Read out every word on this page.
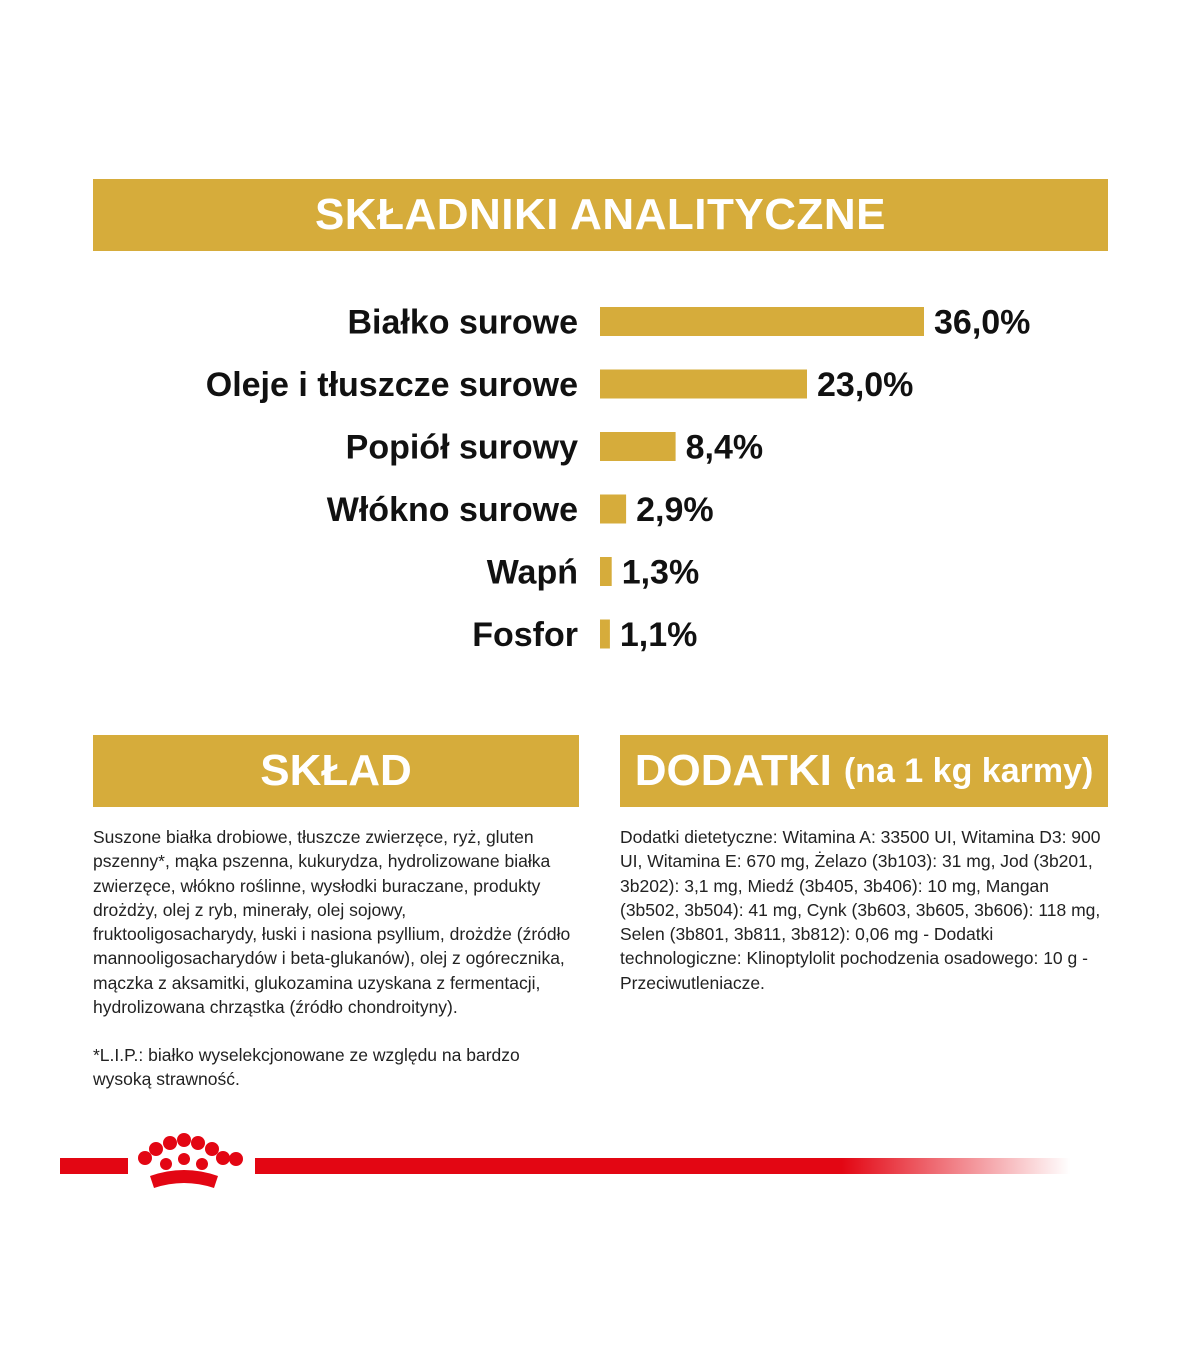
SKŁADNIKI ANALITYCZNE
Białko surowe	36,0%
Oleje i tłuszcze surowe	23,0%
Popiół surowy	8,4%
Włókno surowe 2,9%
Wapń 1,3%
Fosfor 1,1%
SKŁAD

Suszone białka drobiowe, tłuszcze zwierzęce, ryż, gluten pszenny*, mąka pszenna, kukurydza, hydrolizowane białka zwierzęce, włókno roślinne, wysłodki buraczane, produkty drożdży, olej z ryb, minerały, olej sojowy, fruktooligosacharydy, łuski i nasiona psyllium, drożdże (źródło mannooligosacharydów i beta-glukanów), olej z ogórecznika, mączka z aksamitki, glukozamina uzyskana z fermentacji, hydrolizowana chrząstka (źródło chondroityny).

*L.I.P.: białko wyselekcjonowane ze względu na bardzo wysoką strawność.

DODATKI (na 1 kg karmy)

Dodatki dietetyczne: Witamina A: 33500 UI, Witamina D3: 900 UI, Witamina E: 670 mg, Żelazo (3b103): 31 mg, Jod (3b201, 3b202): 3,1 mg, Miedź (3b405, 3b406): 10 mg, Mangan (3b502, 3b504): 41 mg, Cynk (3b603, 3b605, 3b606): 118 mg, Selen (3b801, 3b811, 3b812): 0,06 mg - Dodatki technologiczne: Klinoptylolit pochodzenia osadowego: 10 g - Przeciwutleniacze.
